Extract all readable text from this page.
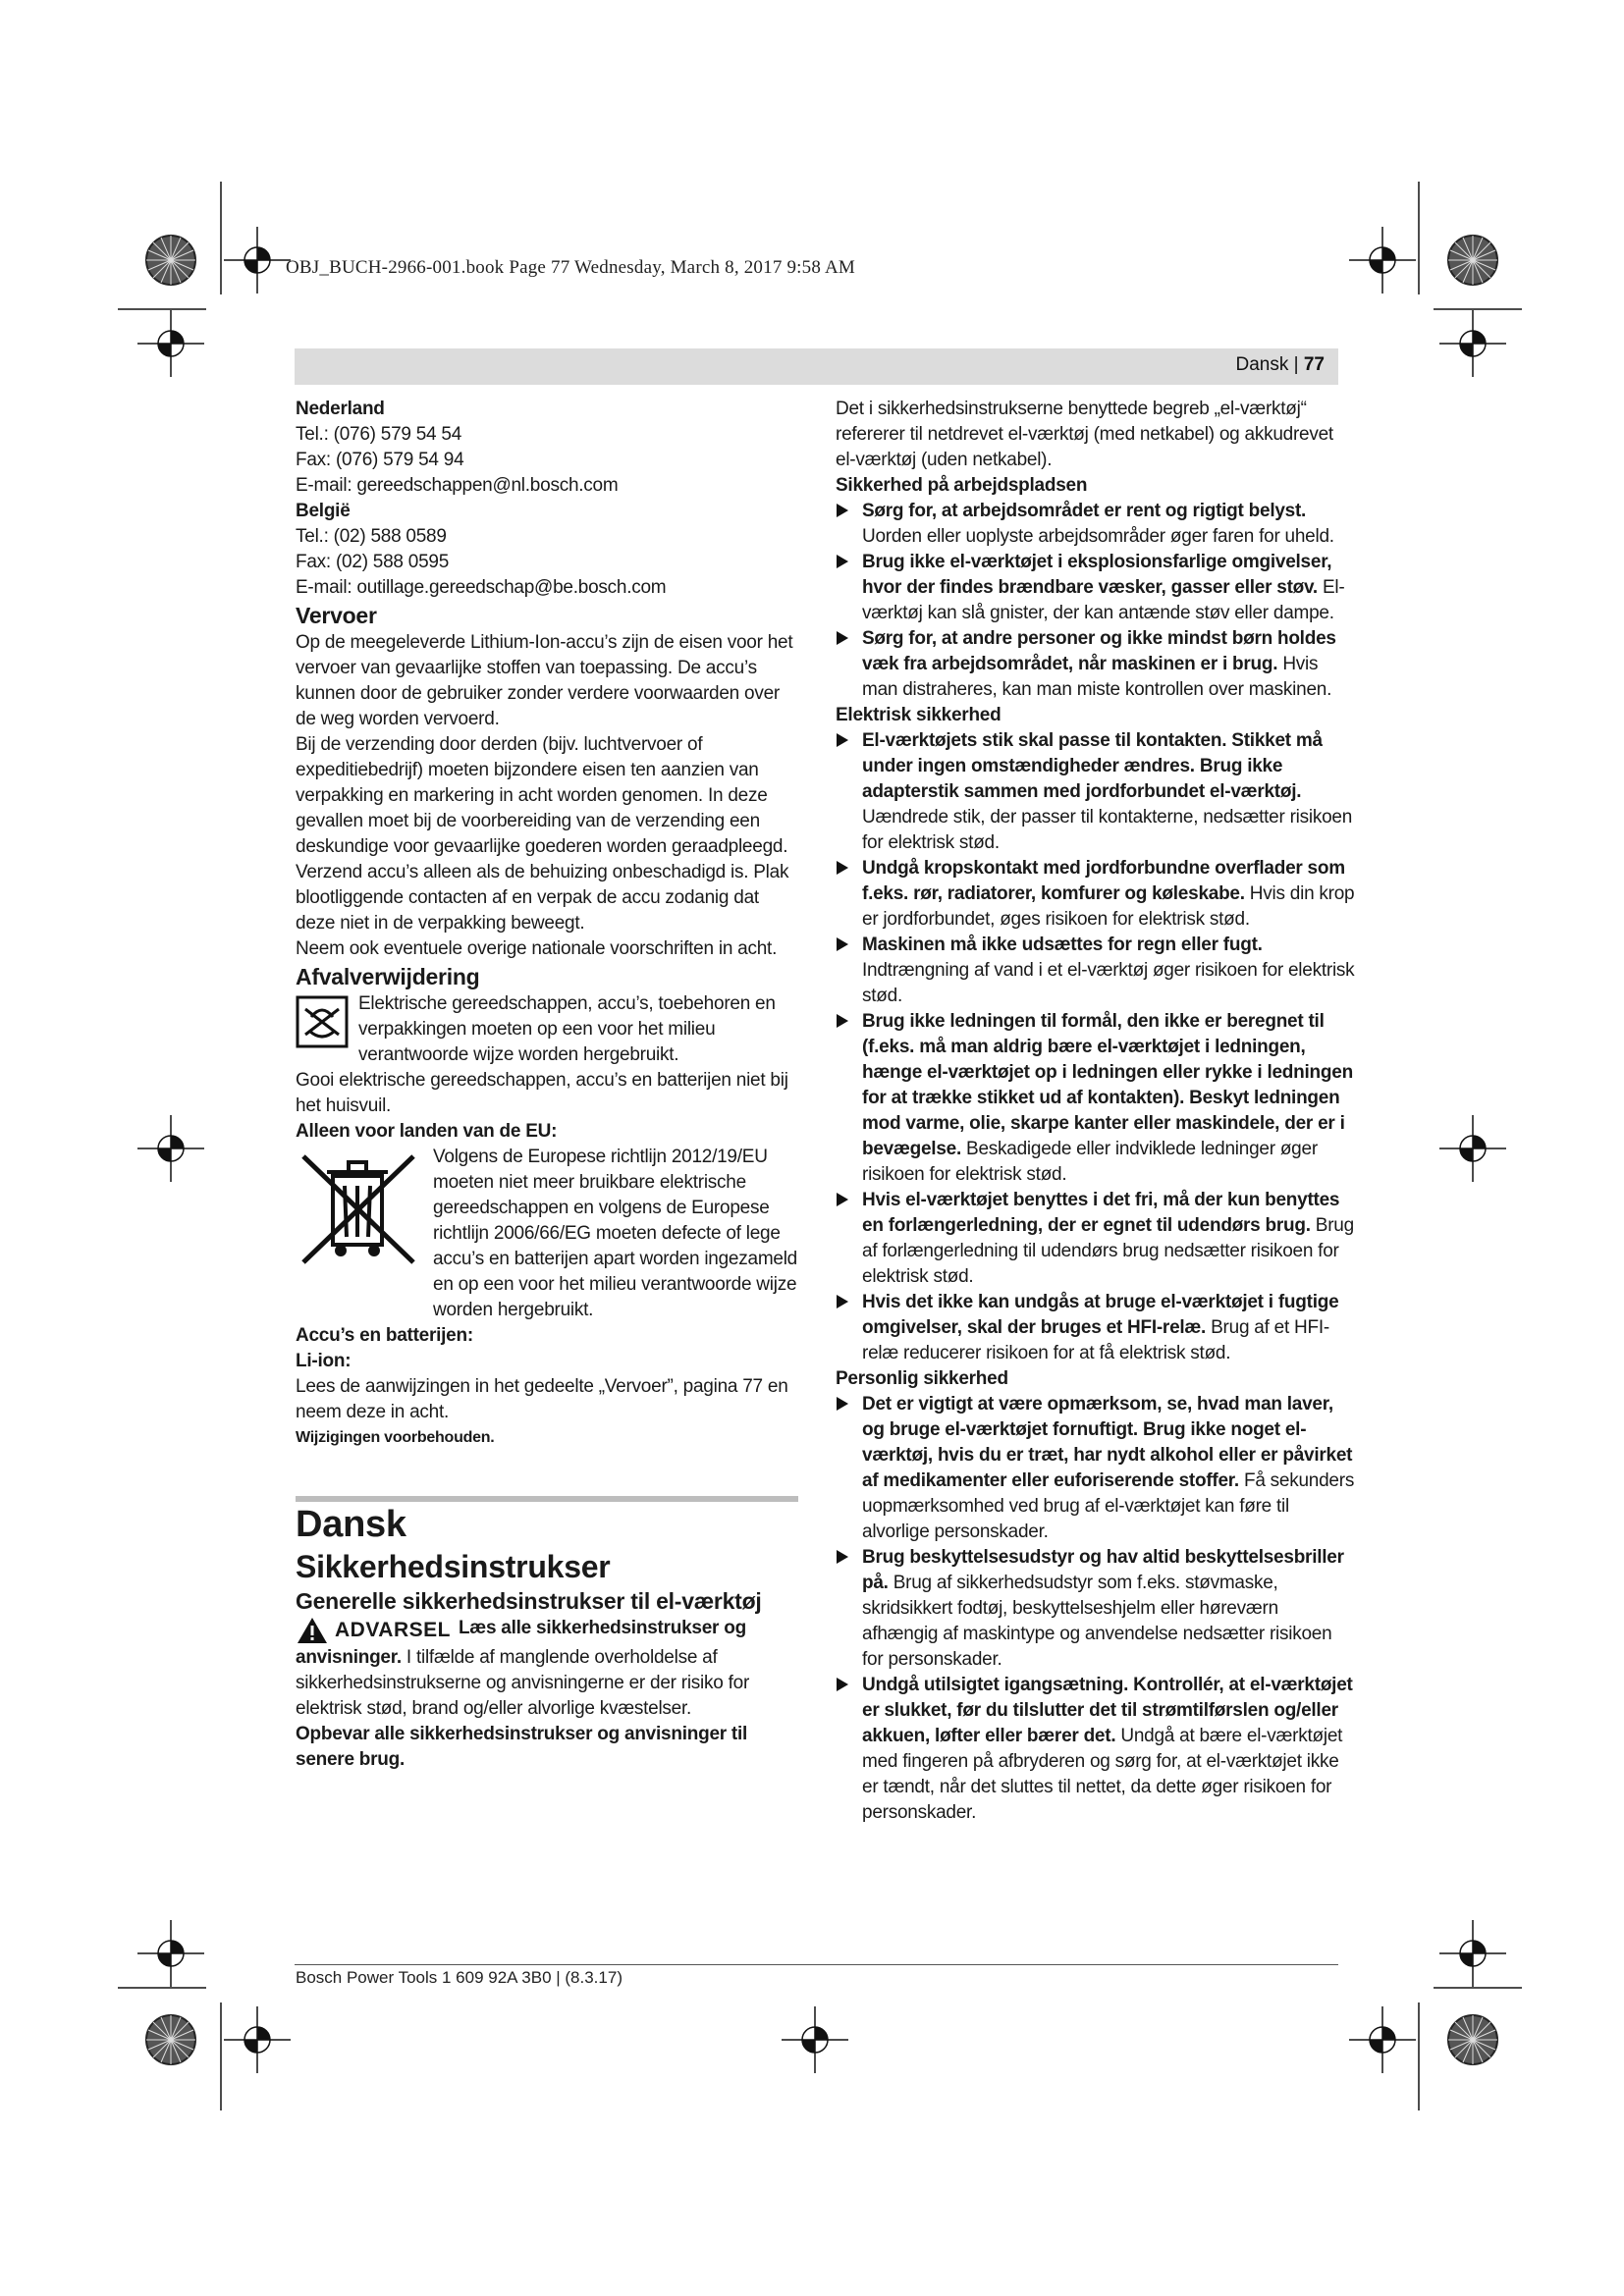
OBJ_BUCH-2966-001.book Page 77 Wednesday, March 8, 2017 9:58 AM
Dansk | 77

Nederland

Tel.: (076) 579 54 54

Fax: (076) 579 54 94

E-mail: gereedschappen@nl.bosch.com

België

Tel.: (02) 588 0589

Fax: (02) 588 0595

E-mail: outillage.gereedschap@be.bosch.com

Vervoer

Op de meegeleverde Lithium-Ion-accu’s zijn de eisen voor het vervoer van gevaarlijke stoffen van toepassing. De accu’s kunnen door de gebruiker zonder verdere voorwaarden over de weg worden vervoerd.

Bij de verzending door derden (bijv. luchtvervoer of expeditiebedrijf) moeten bijzondere eisen ten aanzien van verpakking en markering in acht worden genomen. In deze gevallen moet bij de voorbereiding van de verzending een deskundige voor gevaarlijke goederen worden geraadpleegd.

Verzend accu’s alleen als de behuizing onbeschadigd is. Plak blootliggende contacten af en verpak de accu zodanig dat deze niet in de verpakking beweegt.

Neem ook eventuele overige nationale voorschriften in acht.

Afvalverwijdering

Elektrische gereedschappen, accu’s, toebehoren en verpakkingen moeten op een voor het milieu verantwoorde wijze worden hergebruikt.

Gooi elektrische gereedschappen, accu’s en batterijen niet bij het huisvuil.

Alleen voor landen van de EU:

Volgens de Europese richtlijn 2012/19/EU moeten niet meer bruikbare elektrische gereedschappen en volgens de Europese richtlijn 2006/66/EG moeten defecte of lege accu’s en batterijen apart worden ingezameld en op een voor het milieu verantwoorde wijze worden hergebruikt.

Accu’s en batterijen:

Li-ion:

Lees de aanwijzingen in het gedeelte „Vervoer”, pagina 77 en neem deze in acht.

Wijzigingen voorbehouden.

Dansk

Sikkerhedsinstrukser

Generelle sikkerhedsinstrukser til el-værktøj

ADVARSEL Læs alle sikkerhedsinstrukser og anvisninger. I tilfælde af manglende overholdelse af sikkerhedsinstrukserne og anvisningerne er der risiko for elektrisk stød, brand og/eller alvorlige kvæstelser.

Opbevar alle sikkerhedsinstrukser og anvisninger til senere brug.

Det i sikkerhedsinstrukserne benyttede begreb „el-værktøj“ refererer til netdrevet el-værktøj (med netkabel) og akkudrevet el-værktøj (uden netkabel).

Sikkerhed på arbejdspladsen

Sørg for, at arbejdsområdet er rent og rigtigt belyst. Uorden eller uoplyste arbejdsområder øger faren for uheld.

Brug ikke el-værktøjet i eksplosionsfarlige omgivelser, hvor der findes brændbare væsker, gasser eller støv. El-værktøj kan slå gnister, der kan antænde støv eller dampe.

Sørg for, at andre personer og ikke mindst børn holdes væk fra arbejdsområdet, når maskinen er i brug. Hvis man distraheres, kan man miste kontrollen over maskinen.

Elektrisk sikkerhed

El-værktøjets stik skal passe til kontakten. Stikket må under ingen omstændigheder ændres. Brug ikke adapterstik sammen med jordforbundet el-værktøj. Uændrede stik, der passer til kontakterne, nedsætter risikoen for elektrisk stød.

Undgå kropskontakt med jordforbundne overflader som f.eks. rør, radiatorer, komfurer og køleskabe. Hvis din krop er jordforbundet, øges risikoen for elektrisk stød.

Maskinen må ikke udsættes for regn eller fugt. Indtrængning af vand i et el-værktøj øger risikoen for elektrisk stød.

Brug ikke ledningen til formål, den ikke er beregnet til (f.eks. må man aldrig bære el-værktøjet i ledningen, hænge el-værktøjet op i ledningen eller rykke i ledningen for at trække stikket ud af kontakten). Beskyt ledningen mod varme, olie, skarpe kanter eller maskindele, der er i bevægelse. Beskadigede eller indviklede ledninger øger risikoen for elektrisk stød.

Hvis el-værktøjet benyttes i det fri, må der kun benyttes en forlængerledning, der er egnet til udendørs brug. Brug af forlængerledning til udendørs brug nedsætter risikoen for elektrisk stød.

Hvis det ikke kan undgås at bruge el-værktøjet i fugtige omgivelser, skal der bruges et HFI-relæ. Brug af et HFI-relæ reducerer risikoen for at få elektrisk stød.

Personlig sikkerhed

Det er vigtigt at være opmærksom, se, hvad man laver, og bruge el-værktøjet fornuftigt. Brug ikke noget el-værktøj, hvis du er træt, har nydt alkohol eller er påvirket af medikamenter eller euforiserende stoffer. Få sekunders uopmærksomhed ved brug af el-værktøjet kan føre til alvorlige personskader.

Brug beskyttelsesudstyr og hav altid beskyttelsesbriller på. Brug af sikkerhedsudstyr som f.eks. støvmaske, skridsikkert fodtøj, beskyttelseshjelm eller høreværn afhængig af maskintype og anvendelse nedsætter risikoen for personskader.

Undgå utilsigtet igangsætning. Kontrollér, at el-værktøjet er slukket, før du tilslutter det til strømtilførslen og/eller akkuen, løfter eller bærer det. Undgå at bære el-værktøjet med fingeren på afbryderen og sørg for, at el-værktøjet ikke er tændt, når det sluttes til nettet, da dette øger risikoen for personskader.

Bosch Power Tools 1 609 92A 3B0 | (8.3.17)
